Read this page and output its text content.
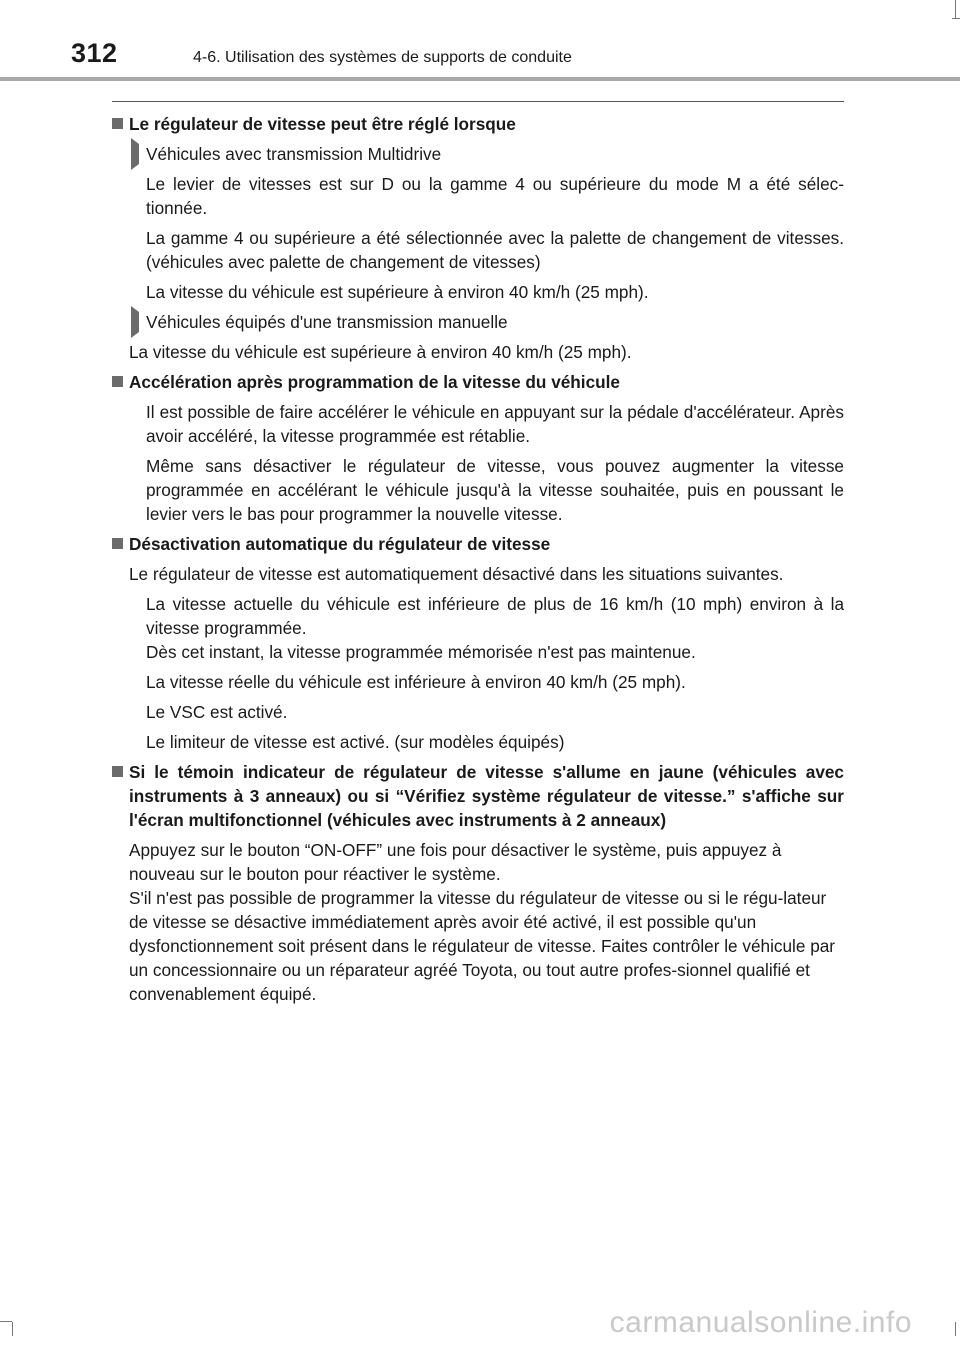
312	4-6. Utilisation des systèmes de supports de conduite
Le régulateur de vitesse peut être réglé lorsque
Véhicules avec transmission Multidrive
Le levier de vitesses est sur D ou la gamme 4 ou supérieure du mode M a été sélec-tionnée.
La gamme 4 ou supérieure a été sélectionnée avec la palette de changement de vitesses. (véhicules avec palette de changement de vitesses)
La vitesse du véhicule est supérieure à environ 40 km/h (25 mph).
Véhicules équipés d'une transmission manuelle
La vitesse du véhicule est supérieure à environ 40 km/h (25 mph).
Accélération après programmation de la vitesse du véhicule
Il est possible de faire accélérer le véhicule en appuyant sur la pédale d'accélérateur. Après avoir accéléré, la vitesse programmée est rétablie.
Même sans désactiver le régulateur de vitesse, vous pouvez augmenter la vitesse programmée en accélérant le véhicule jusqu'à la vitesse souhaitée, puis en poussant le levier vers le bas pour programmer la nouvelle vitesse.
Désactivation automatique du régulateur de vitesse
Le régulateur de vitesse est automatiquement désactivé dans les situations suivantes.
La vitesse actuelle du véhicule est inférieure de plus de 16 km/h (10 mph) environ à la vitesse programmée.
Dès cet instant, la vitesse programmée mémorisée n'est pas maintenue.
La vitesse réelle du véhicule est inférieure à environ 40 km/h (25 mph).
Le VSC est activé.
Le limiteur de vitesse est activé. (sur modèles équipés)
Si le témoin indicateur de régulateur de vitesse s'allume en jaune (véhicules avec instruments à 3 anneaux) ou si “Vérifiez système régulateur de vitesse.” s'affiche sur l'écran multifonctionnel (véhicules avec instruments à 2 anneaux)
Appuyez sur le bouton “ON-OFF” une fois pour désactiver le système, puis appuyez à nouveau sur le bouton pour réactiver le système.
S'il n'est pas possible de programmer la vitesse du régulateur de vitesse ou si le régu-lateur de vitesse se désactive immédiatement après avoir été activé, il est possible qu'un dysfonctionnement soit présent dans le régulateur de vitesse. Faites contrôler le véhicule par un concessionnaire ou un réparateur agréé Toyota, ou tout autre profes-sionnel qualifié et convenablement équipé.
carmanualsonline.info
